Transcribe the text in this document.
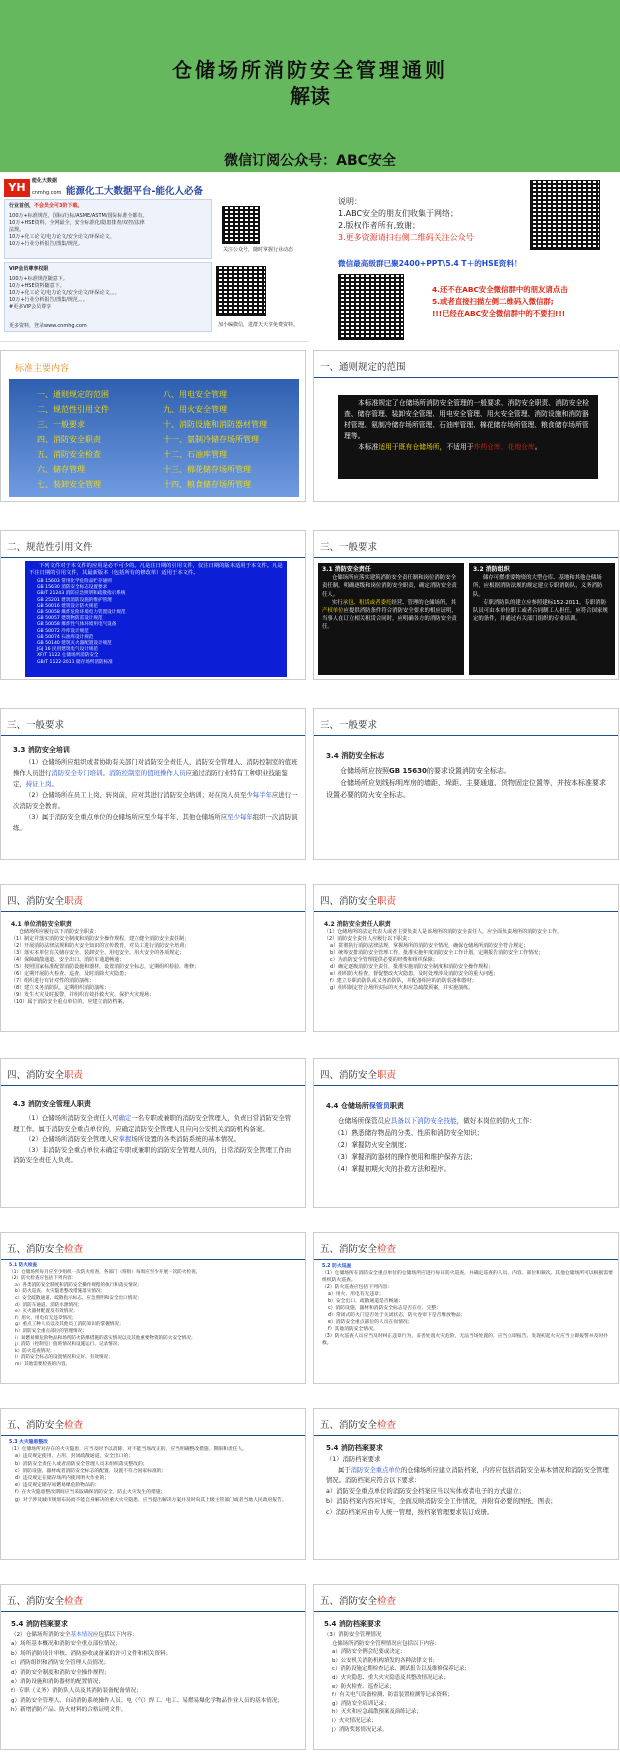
仓储场所消防安全管理通则
解读
微信订阅公众号：ABC安全
YH	能化大数据
cnmhg.com 能源化工大数据平台-能化人必备
行业首创，不会员全可3阶下载。
100万+标准规范，国标/行标/ASME/ASTM/国际标准全都有。
10万+HSE资料，全网最全，安全标准化/隐患排查/双控/法律法规。
10万+化工论文/电力论文/安全论文/环保论文。
10万+行业分析报告/图集/规范。
关注公众号，随时掌握行业动态
VIP会员尊享权限
100万+标准规范随意下。
10万+HSE资料随意下。
10万+化工论文/电力论文/安全论文/环保论文。。。
10万+行业分析报告/图集/规范。。。
#更多VIP会员尊享
更多资料，登录www.cnmhg.com	加小编微信，进群天天享免费资料。
说明：
1.ABC安全的朋友们收集于网络；
2.版权作者所有,致谢；
3.更多资源请扫右侧二维码关注公众号
微信最高级群已聚2400+PPT\5.4 T＋的HSE资料！
4.还不在ABC安全微信群中的朋友请点击
5.或者直接扫描左侧二维码入微信群;
!!!已经在ABC安全微信群中的不要扫!!!
标准主要内容
一、通则规定的范围
二、规范性引用文件
三、一般要求
四、消防安全职责
五、消防安全检查
六、储存管理
七、装卸安全管理
八、用电安全管理
九、用火安全管理
十、消防设施和消防器材管理
十一、氨制冷储存场所管理
十二、石油库管理
十三、棉花储存场所管理
十四、粮食储存场所管理
一、通则规定的范围
本标准规定了仓储场所消防安全管理的一般要求、消防安全职责、消防安全检查、储存管理、装卸安全管理、用电安全管理、用火安全管理、消防设施和消防器材管理、氨制冷储存场所管理、石油库管理、棉花储存场所管理、粮食储存场所管理等。
本标准适用于既有仓储场所，不适用于炸药仓库、花炮仓库。
二、规范性引用文件
下列文件对于本文件的应用是必不可少的。凡是注日期的引用文件，仅注日期的版本适用于本文件。凡是不注日期的引用文件，其最新版本（包括所有的修改单）适用于本文件。
GB 15603 常用化学危险品贮存通则
GB 15630 消防安全标志设置要求
GB/T 21243 消防应急照明和疏散指示系统
GB 25201 建筑消防设施的维护管理
GB 50016 建筑设计防火规范
GB 50058 爆炸危险环境电力装置设计规范
GB 50057 建筑物防雷设计规范
GB 50058 爆炸性气体环境用电气设备
GB 50072 冷库设计规范
GB 50074 石油库设计规范
GB 50140 建筑灭火器配置设计规范
JGJ 16 民用建筑电气设计规范
XF/T 1122 仓储场所消防安全
GB/T 1122-2011 储存场所消防标准
三、一般要求
3.1 消防安全责任
仓储场所应落实建筑消防安全责任制和岗位消防安全责任制，明确逐级和岗位消防安全职责，确定消防安全责任人。
实行承包、租赁或者委托经营、管理的仓储场所，其产权单位应提供消防条件符合消防安全要求的相应证明，当事人在订立相关租赁合同时，应明确各方的消防安全责任。
3.2 消防组织
储存可燃重要物资的大型仓库、基地和其他仓储场所，应根据消防法规的规定建立专职消防队，义务消防队。
专职消防队的建立应参照建标152-2011。专职消防队员可由本单位职工或者合同制工人担任，应符合国家规定的条件，并通过有关部门组织的专业培训。
三、一般要求
3.3 消防安全培训
（1）仓储场所应组织或者协助有关部门对消防安全责任人、消防安全管理人、消防控制室的值班操作人员进行消防安全专门培训。消防控制室的值班操作人员应通过消防行业特有工种职业技能鉴定，持证上岗。
（2）仓储场所在员工上岗、转岗前，应对其进行消防安全培训；对在岗人员至少每半年应进行一次消防安全教育。
（3）属于消防安全重点单位的仓储场所应至少每半年、其他仓储场所应至少每年组织一次消防演练。
三、一般要求
3.4 消防安全标志
仓储场所应按照GB 15630的要求设置消防安全标志。
仓储场所应划线标明库房的墙距、垛距、主要通道、货物固定位置等，并按本标准要求设置必要的防火安全标志。
四、消防安全职责
4.1 单位消防安全职责
仓储场所应履行以下消防安全职责：
（1）制定并落实消防安全制度和消防安全操作规程，建立健全消防安全责任制；
（2）开展消防法律法规和防火安全知识的宣传教育，对员工进行消防安全培训；
（3）落实本单位有关储存安全、装卸安全、用电安全、用火安全的各项规定；
（4）保障疏散通道、安全出口、消防车通道畅通；
（5）按照国家标准配置消防设施和器材，设置消防安全标志，定期组织检验、维修；
（6）定期开展防火检查、巡查，及时消除火灾隐患；
（7）组织进行有针对性的消防演练；
（8）建立义务消防队，定期组织消防演练；
（9）发生火灾及时报警，并组织有效扑救火灾，保护火灾现场；
（10）属于消防安全重点单位的，应建立消防档案。
四、消防安全职责
4.2 消防安全责任人职责
（1）仓储场所的法定代表人或者主要负责人是该场所的消防安全责任人，应全面负责场所的消防安全工作。
（2）消防安全责任人应履行以下职责：
a）贯彻执行消防法律法规，掌握场所的消防安全情况，确保仓储场所消防安全符合规定；
b）统筹安排消防安全管理工作，批准实施年度消防安全工作计划，定期报告消防安全工作情况；
c）为消防安全管理提供必要的经费和组织保障；
d）确定逐级消防安全责任，批准实施消防安全制度和消防安全操作规程；
e）组织防火检查，督促整改火灾隐患，及时处理涉及消防安全的重大问题；
f）建立专职消防队或义务消防队，并配备相应的消防装备和器材；
g）组织制定符合场所实际的灭火和应急疏散预案，并实施演练。
四、消防安全职责
4.3 消防安全管理人职责
（1）仓储场所消防安全责任人可确定一名专职或兼职的消防安全管理人，负责日常消防安全管理工作。属于消防安全重点单位的，应确定消防安全管理人且应向公安机关消防机构备案。
（2）仓储场所消防安全管理人应掌握场所设置的各类消防系统的基本情况。
（3）非消防安全重点单位未确定专职或兼职的消防安全管理人员的，日常消防安全管理工作由消防安全责任人负责。
四、消防安全职责
4.4 仓储场所保管员职责
仓储场所保管员应具备以下消防安全技能，做好本岗位的防火工作：
（1）熟悉储存物品的分类、性质和消防安全知识；
（2）掌握防火安全制度；
（3）掌握消防器材的操作使用和维护保养方法；
（4）掌握初期火灾的扑救方法和程序。
五、消防安全检查
5.1 防火检查
（1）仓储场所每月应至少组织一次防火检查，各部门（班组）每周应至少开展一次防火检查。
（2）防火检查应包括下列内容：
a）各类消防安全制度和消防安全操作规程的执行和落实情况；
b）防火巡查、火灾隐患整改措施落实情况；
c）安全疏散通道、疏散指示标志、应急照明和安全出口情况；
d）消防车通道、消防水源情况；
e）灭火器材配置及有效情况；
f）用火、用电有无违章情况；
g）重点工种人员以及其他员工消防知识的掌握情况；
h）消防安全重点部位的管理情况；
i）易燃易爆危险物品和场所防火防爆措施的落实情况以及其他重要物资的防火安全情况；
j）消防（控制室）值班情况和设施运行、记录情况；
k）防火巡查情况；
l）消防安全标志的设置情况和完好、有效情况；
m）其他需要检查的内容。
五、消防安全检查
5.2 防火巡查
（1）仓储场所在消防安全重点单位的仓储场所应进行每日防火巡查，并确定巡查的人员、内容、部位和频次。其他仓储场所可以根据需要组织防火巡查。
（2）防火巡查应包括下列内容：
a）用火、用电有无违章；
b）安全出口、疏散通道是否畅通；
c）消防设施、器材和消防安全标志是否在位、完整；
d）常闭式防火门是否处于关闭状态，防火卷帘下是否堆放物品；
e）消防安全重点部位的人员在岗情况；
f）其他消防安全情况。
（3）防火巡查人员应当及时纠正违章行为，妥善处置火灾危险，无法当场处置的，应当立即报告。发现初起火灾应当立即报警并及时扑救。
五、消防安全检查
5.3 火灾隐患整改
（1）仓储场所对存在的火灾隐患，应当及时予以消除，对不能当场改正的，应当明确整改措施、期限和责任人。
a）违反规定使用、占用、封闭疏散通道、安全出口的；
b）消防安全责任人或者消防安全管理人员未组织落实整改的；
c）消防设施、器材或者消防安全标志的配置、设置不符合国家标准的；
d）违反规定在储存场所内使用明火作业的；
e）违反规定储存易燃易爆危险物品的；
f）在火灾隐患整改期间应当采取确保消防安全、防止火灾发生的措施；
g）对于涉及城市规划布局而不能自身解决的重大火灾隐患，应当提出解决方案并及时向其上级主管部门或者当地人民政府报告。
五、消防安全检查
5.4 消防档案要求
（1）消防档案要求
属于消防安全重点单位的仓储场所应建立消防档案，内容应包括消防安全基本情况和消防安全管理情况。消防档案应符合以下要求：
a）消防安全重点单位的消防安全档案应当以实体或者电子的方式建立；
b）消防档案内容应详实，全面反映消防安全工作情况，并附有必要的图纸、图表；
c）消防档案应由专人统一管理，按档案管理要求装订成册。
五、消防安全检查
5.4 消防档案要求
（2）仓储场所消防安全基本情况应包括以下内容：
a）场所基本概况和消防安全重点部位情况；
b）场所消防设计审核、消防验收或备案的许可文件和相关资料；
c）消防组织和消防安全管理人员情况；
d）消防安全制度和消防安全操作规程；
e）消防设施和消防器材的配置情况；
f）专职（义务）消防队人员及其消防装备配备情况；
g）消防安全管理人、自动消防系统操作人员、电（气）焊工、电工、易燃易爆化学物品作业人员的基本情况；
h）新增消防产品、防火材料的合格证明文件。
五、消防安全检查
5.4 消防档案要求
（3）消防安全管理情况
仓储场所消防安全管理情况应包括以下内容：
a）消防安全例会纪要或决定；
b）公安机关消防机构填发的各种法律文书；
c）消防设施定期检查记录、测试报告以及维修保养记录；
d）火灾隐患、重大火灾隐患及其整改情况记录；
e）防火检查、巡查记录；
f）有关电气设备检测、防雷装置检测等记录资料；
g）消防安全培训记录；
h）灭火和应急疏散预案及演练记录；
i）火灾情况记录；
j）消防奖惩情况记录。
